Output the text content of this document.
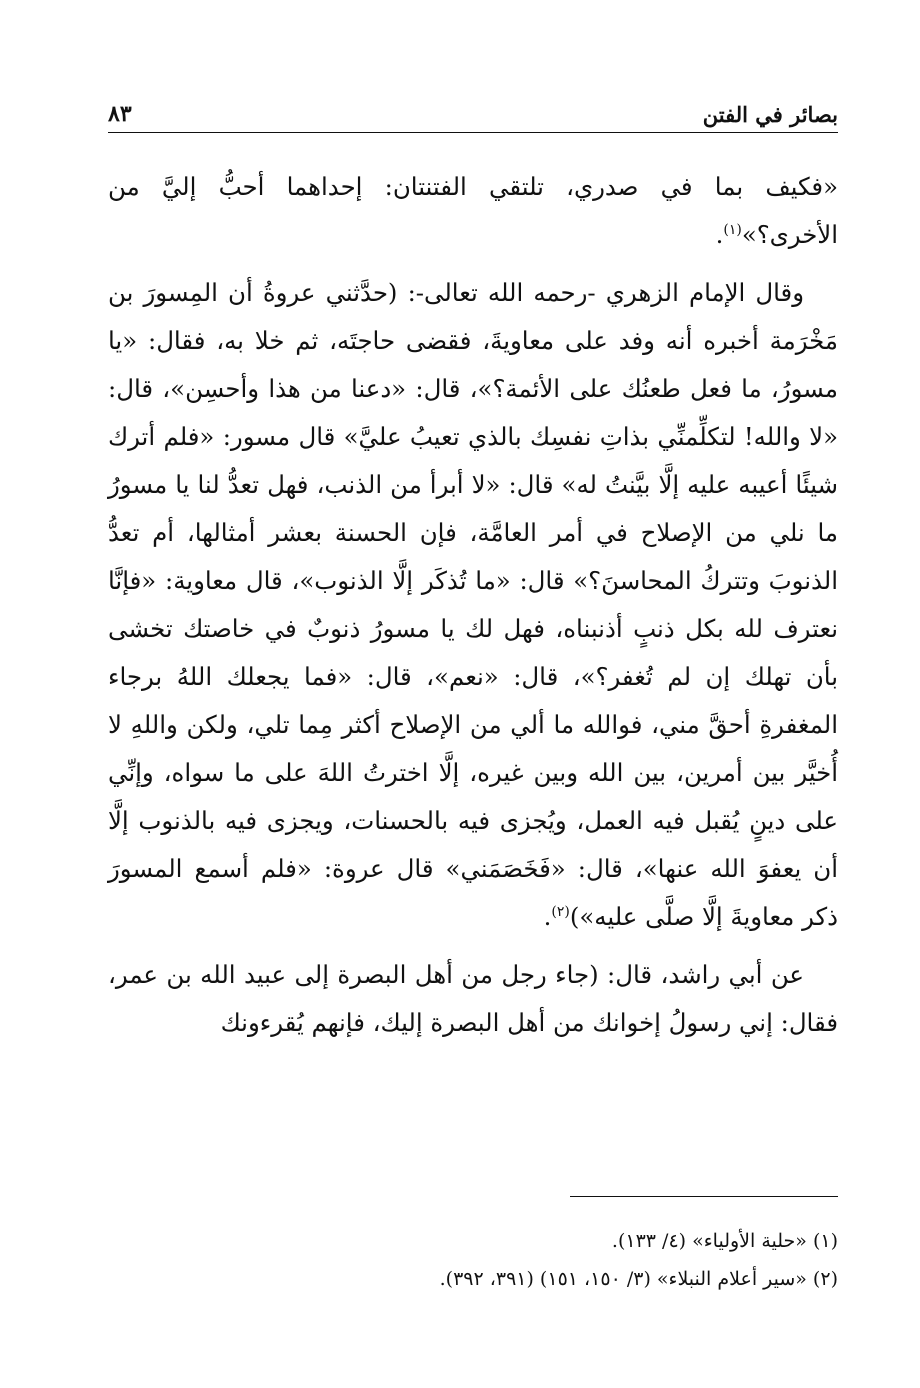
بصائر في الفتن
٨٣

«فكيف بما في صدري، تلتقي الفتنتان: إحداهما أحبُّ إليَّ من الأخرى؟»$^{(١)}$.

وقال الإمام الزهري -رحمه الله تعالى-: (حدَّثني عروةُ أن المِسورَ بن مَخْرَمة أخبره أنه وفد على معاويةَ، فقضى حاجتَه، ثم خلا به، فقال: «يا مسورُ، ما فعل طعنُك على الأئمة؟»، قال: «دعنا من هذا وأحسِن»، قال: «لا والله! لتكلِّمنِّي بذاتِ نفسِك بالذي تعيبُ عليَّ» قال مسور: «فلم أترك شيئًا أعيبه عليه إلَّا بيَّنتُ له» قال: «لا أبرأ من الذنب، فهل تعدُّ لنا يا مسورُ ما نلي من الإصلاح في أمر العامَّة، فإن الحسنة بعشر أمثالها، أم تعدُّ الذنوبَ وتتركُ المحاسنَ؟» قال: «ما تُذكَر إلَّا الذنوب»، قال معاوية: «فإنَّا نعترف لله بكل ذنبٍ أذنبناه، فهل لك يا مسورُ ذنوبٌ في خاصتك تخشى بأن تهلك إن لم تُغفر؟»، قال: «نعم»، قال: «فما يجعلك اللهُ برجاء المغفرةِ أحقَّ مني، فوالله ما ألي من الإصلاح أكثر مِما تلي، ولكن واللهِ لا أُخيَّر بين أمرين، بين الله وبين غيره، إلَّا اخترتُ اللهَ على ما سواه، وإنِّي على دينٍ يُقبل فيه العمل، ويُجزى فيه بالحسنات، ويجزى فيه بالذنوب إلَّا أن يعفوَ الله عنها»، قال: «فَخَصَمَني» قال عروة: «فلم أسمع المسورَ ذكر معاويةَ إلَّا صلَّى عليه»)$^{(٢)}$.

عن أبي راشد، قال: (جاء رجل من أهل البصرة إلى عبيد الله بن عمر، فقال: إني رسولُ إخوانك من أهل البصرة إليك، فإنهم يُقرءونك

(١) «حلية الأولياء» (٤/ ١٣٣).
(٢) «سير أعلام النبلاء» (٣/ ١٥٠، ١٥١) (٣٩١، ٣٩٢).
